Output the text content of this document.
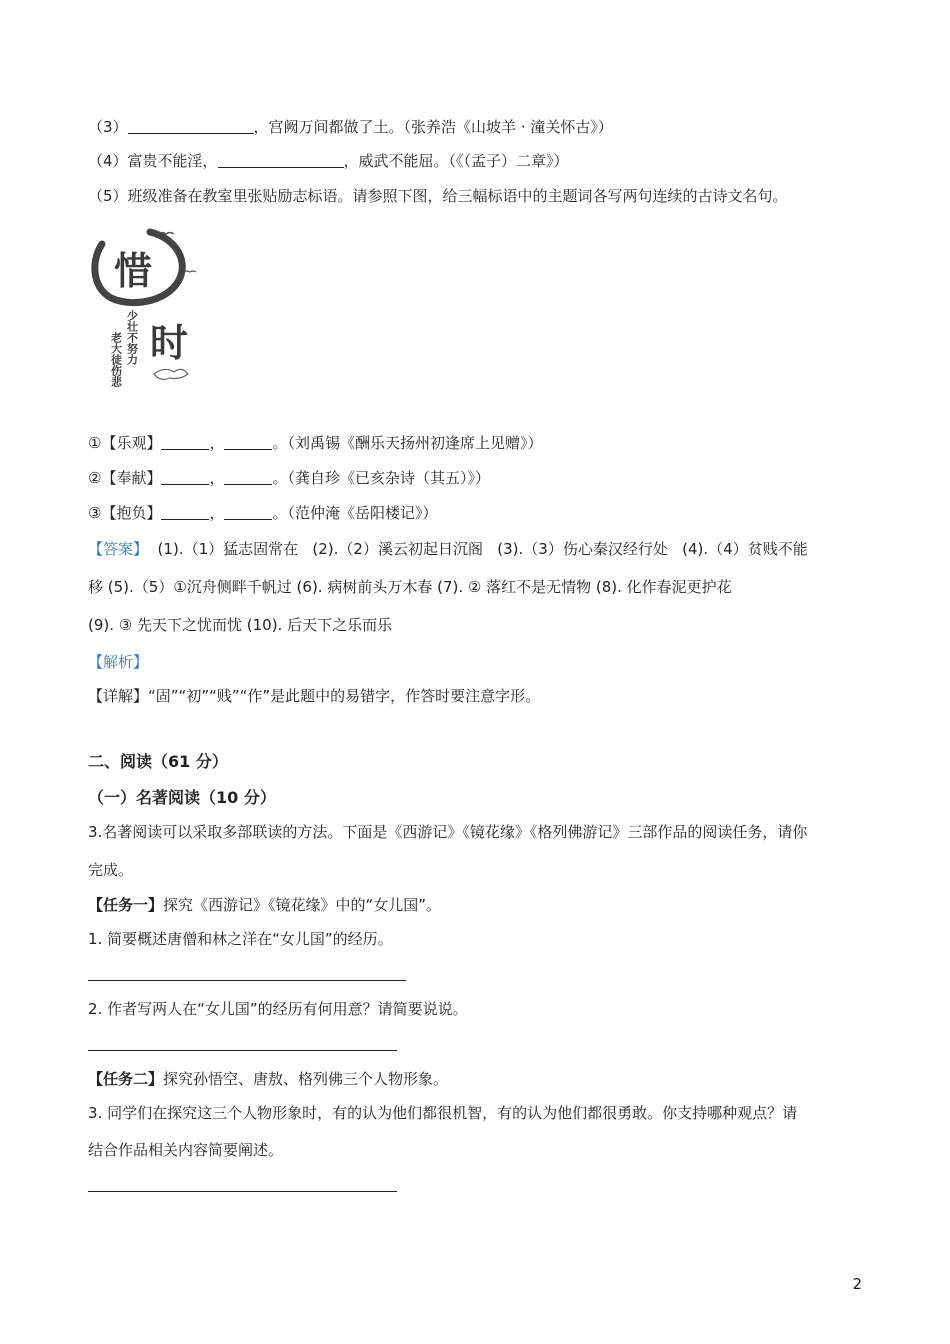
（3）	，宫阙万间都做了土。（张养浩《山坡羊 · 潼关怀古》）
（4）富贵不能淫，	，威武不能屈。（《（孟子）二章》）
（5）班级准备在教室里张贴励志标语。请参照下图，给三幅标语中的主题词各写两句连续的古诗文名句。
惜
时
少壮不努力
老大徒伤悲
①【乐观】	，	。（刘禹锡《酬乐天扬州初逢席上见赠》）
②【奉献】	，	。（龚自珍《已亥杂诗（其五）》）
③【抱负】	，	。（范仲淹《岳阳楼记》）
【答案】  (1).（1）猛志固常在   (2).（2）溪云初起日沉阁   (3).（3）伤心秦汉经行处   (4).（4）贫贱不能
移 (5).（5）①沉舟侧畔千帆过 (6). 病树前头万木春 (7). ② 落红不是无情物 (8). 化作春泥更护花
(9). ③ 先天下之忧而忧 (10). 后天下之乐而乐
【解析】
【详解】“固”“初”“贱”“作”是此题中的易错字，作答时要注意字形。
二、阅读（61 分）
（一）名著阅读（10 分）
3.名著阅读可以采取多部联读的方法。下面是《西游记》《镜花缘》《格列佛游记》三部作品的阅读任务，请你
完成。
【任务一】探究《西游记》《镜花缘》中的“女儿国”。
1. 简要概述唐僧和林之洋在“女儿国”的经历。
2. 作者写两人在“女儿国”的经历有何用意？请简要说说。
【任务二】探究孙悟空、唐敖、格列佛三个人物形象。
3. 同学们在探究这三个人物形象时，有的认为他们都很机智，有的认为他们都很勇敢。你支持哪种观点？请
结合作品相关内容简要阐述。
2
